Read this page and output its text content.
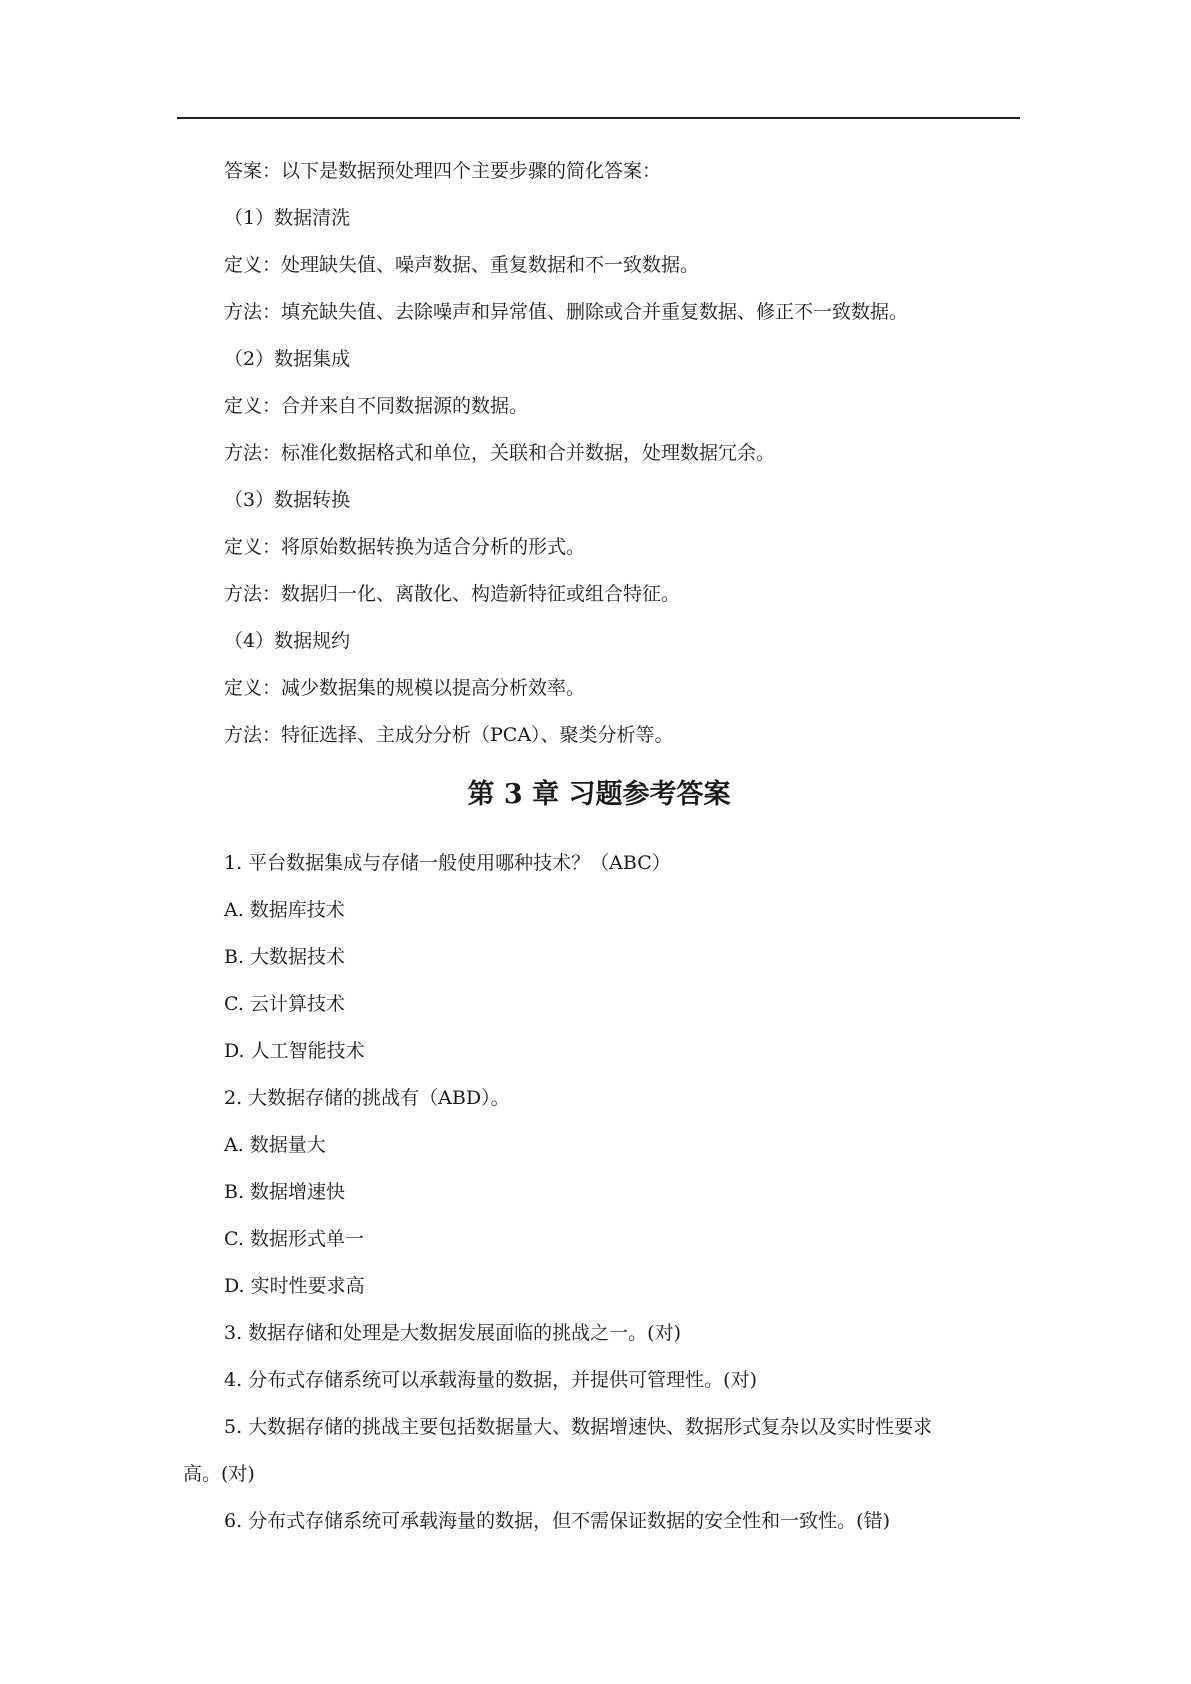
答案：以下是数据预处理四个主要步骤的简化答案：
（1）数据清洗
定义：处理缺失值、噪声数据、重复数据和不一致数据。
方法：填充缺失值、去除噪声和异常值、删除或合并重复数据、修正不一致数据。
（2）数据集成
定义：合并来自不同数据源的数据。
方法：标准化数据格式和单位，关联和合并数据，处理数据冗余。
（3）数据转换
定义：将原始数据转换为适合分析的形式。
方法：数据归一化、离散化、构造新特征或组合特征。
（4）数据规约
定义：减少数据集的规模以提高分析效率。
方法：特征选择、主成分分析（PCA）、聚类分析等。
第 3 章 习题参考答案
1. 平台数据集成与存储一般使用哪种技术？（ABC）
A. 数据库技术
B. 大数据技术
C. 云计算技术
D. 人工智能技术
2. 大数据存储的挑战有（ABD）。
A. 数据量大
B. 数据增速快
C. 数据形式单一
D. 实时性要求高
3. 数据存储和处理是大数据发展面临的挑战之一。(对)
4. 分布式存储系统可以承载海量的数据，并提供可管理性。(对)
5. 大数据存储的挑战主要包括数据量大、数据增速快、数据形式复杂以及实时性要求
高。(对)
6. 分布式存储系统可承载海量的数据，但不需保证数据的安全性和一致性。(错)
